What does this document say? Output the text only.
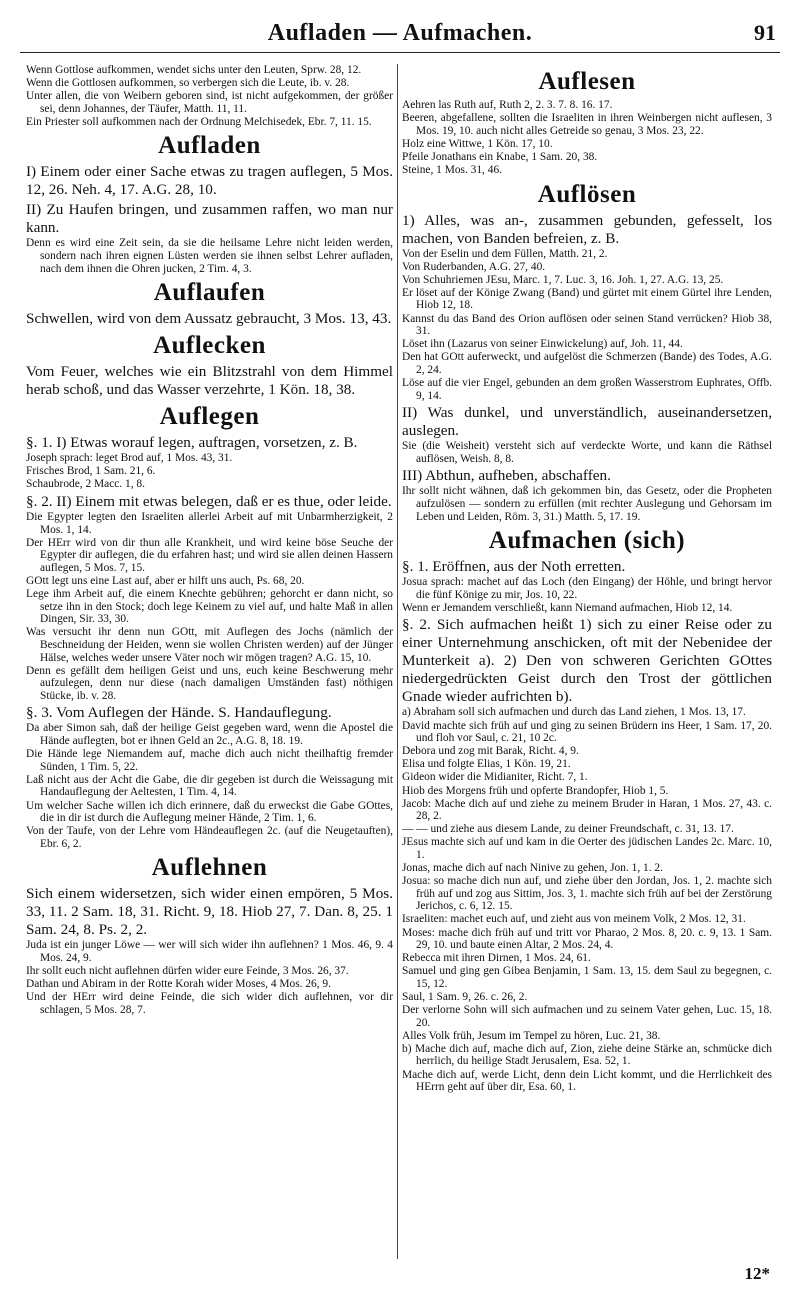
Aufladen — Aufmachen.	91

Wenn Gottlose aufkommen, wendet sichs unter den Leuten, Sprw. 28, 12.

Wenn die Gottlosen aufkommen, so verbergen sich die Leute, ib. v. 28.

Unter allen, die von Weibern geboren sind, ist nicht aufgekommen, der größer sei, denn Johannes, der Täufer, Matth. 11, 11.

Ein Priester soll aufkommen nach der Ordnung Melchisedek, Ebr. 7, 11. 15.

Aufladen

I) Einem oder einer Sache etwas zu tragen auflegen, 5 Mos. 12, 26. Neh. 4, 17. A.G. 28, 10.

II) Zu Haufen bringen, und zusammen raffen, wo man nur kann.

Denn es wird eine Zeit sein, da sie die heilsame Lehre nicht leiden werden, sondern nach ihren eignen Lüsten werden sie ihnen selbst Lehrer aufladen, nach dem ihnen die Ohren jucken, 2 Tim. 4, 3.

Auflaufen

Schwellen, wird von dem Aussatz gebraucht, 3 Mos. 13, 43.

Auflecken

Vom Feuer, welches wie ein Blitzstrahl von dem Himmel herab schoß, und das Wasser verzehrte, 1 Kön. 18, 38.

Auflegen

§. 1. I) Etwas worauf legen, auftragen, vorsetzen, z. B.

Joseph sprach: leget Brod auf, 1 Mos. 43, 31.

Frisches Brod, 1 Sam. 21, 6.

Schaubrode, 2 Macc. 1, 8.

§. 2. II) Einem mit etwas belegen, daß er es thue, oder leide.

Die Egypter legten den Israeliten allerlei Arbeit auf mit Unbarmherzigkeit, 2 Mos. 1, 14.

Der HErr wird von dir thun alle Krankheit, und wird keine böse Seuche der Egypter dir auflegen, die du erfahren hast; und wird sie allen deinen Hassern auflegen, 5 Mos. 7, 15.

GOtt legt uns eine Last auf, aber er hilft uns auch, Ps. 68, 20.

Lege ihm Arbeit auf, die einem Knechte gebühren; gehorcht er dann nicht, so setze ihn in den Stock; doch lege Keinem zu viel auf, und halte Maß in allen Dingen, Sir. 33, 30.

Was versucht ihr denn nun GOtt, mit Auflegen des Jochs (nämlich der Beschneidung der Heiden, wenn sie wollen Christen werden) auf der Jünger Hälse, welches weder unsere Väter noch wir mögen tragen? A.G. 15, 10.

Denn es gefällt dem heiligen Geist und uns, euch keine Beschwerung mehr aufzulegen, denn nur diese (nach damaligen Umständen fast) nöthigen Stücke, ib. v. 28.

§. 3. Vom Auflegen der Hände. S. Handauflegung.

Da aber Simon sah, daß der heilige Geist gegeben ward, wenn die Apostel die Hände auflegten, bot er ihnen Geld an 2c., A.G. 8, 18. 19.

Die Hände lege Niemandem auf, mache dich auch nicht theilhaftig fremder Sünden, 1 Tim. 5, 22.

Laß nicht aus der Acht die Gabe, die dir gegeben ist durch die Weissagung mit Handauflegung der Aeltesten, 1 Tim. 4, 14.

Um welcher Sache willen ich dich erinnere, daß du erweckst die Gabe GOttes, die in dir ist durch die Auflegung meiner Hände, 2 Tim. 1, 6.

Von der Taufe, von der Lehre vom Händeauflegen 2c. (auf die Neugetauften), Ebr. 6, 2.

Auflehnen

Sich einem widersetzen, sich wider einen empören, 5 Mos. 33, 11. 2 Sam. 18, 31. Richt. 9, 18. Hiob 27, 7. Dan. 8, 25. 1 Sam. 24, 8. Ps. 2, 2.

Juda ist ein junger Löwe — wer will sich wider ihn auflehnen? 1 Mos. 46, 9. 4 Mos. 24, 9.

Ihr sollt euch nicht auflehnen dürfen wider eure Feinde, 3 Mos. 26, 37.

Dathan und Abiram in der Rotte Korah wider Moses, 4 Mos. 26, 9.

Und der HErr wird deine Feinde, die sich wider dich auflehnen, vor dir schlagen, 5 Mos. 28, 7.

Auflesen

Aehren las Ruth auf, Ruth 2, 2. 3. 7. 8. 16. 17.

Beeren, abgefallene, sollten die Israeliten in ihren Weinbergen nicht auflesen, 3 Mos. 19, 10. auch nicht alles Getreide so genau, 3 Mos. 23, 22.

Holz eine Wittwe, 1 Kön. 17, 10.

Pfeile Jonathans ein Knabe, 1 Sam. 20, 38.

Steine, 1 Mos. 31, 46.

Auflösen

1) Alles, was an-, zusammen gebunden, gefesselt, los machen, von Banden befreien, z. B.

Von der Eselin und dem Füllen, Matth. 21, 2.

Von Ruderbanden, A.G. 27, 40.

Von Schuhriemen JEsu, Marc. 1, 7. Luc. 3, 16. Joh. 1, 27. A.G. 13, 25.

Er löset auf der Könige Zwang (Band) und gürtet mit einem Gürtel ihre Lenden, Hiob 12, 18.

Kannst du das Band des Orion auflösen oder seinen Stand verrücken? Hiob 38, 31.

Löset ihn (Lazarus von seiner Einwickelung) auf, Joh. 11, 44.

Den hat GOtt auferweckt, und aufgelöst die Schmerzen (Bande) des Todes, A.G. 2, 24.

Löse auf die vier Engel, gebunden an dem großen Wasserstrom Euphrates, Offb. 9, 14.

II) Was dunkel, und unverständlich, auseinandersetzen, auslegen.

Sie (die Weisheit) versteht sich auf verdeckte Worte, und kann die Räthsel auflösen, Weish. 8, 8.

III) Abthun, aufheben, abschaffen.

Ihr sollt nicht wähnen, daß ich gekommen bin, das Gesetz, oder die Propheten aufzulösen — sondern zu erfüllen (mit rechter Auslegung und Gehorsam im Leben und Leiden, Röm. 3, 31.) Matth. 5, 17. 19.

Aufmachen (sich)

§. 1. Eröffnen, aus der Noth erretten.

Josua sprach: machet auf das Loch (den Eingang) der Höhle, und bringt hervor die fünf Könige zu mir, Jos. 10, 22.

Wenn er Jemandem verschließt, kann Niemand aufmachen, Hiob 12, 14.

§. 2. Sich aufmachen heißt 1) sich zu einer Reise oder zu einer Unternehmung anschicken, oft mit der Nebenidee der Munterkeit a). 2) Den von schweren Gerichten GOttes niedergedrückten Geist durch den Trost der göttlichen Gnade wieder aufrichten b).

a) Abraham soll sich aufmachen und durch das Land ziehen, 1 Mos. 13, 17.

David machte sich früh auf und ging zu seinen Brüdern ins Heer, 1 Sam. 17, 20. und floh vor Saul, c. 21, 10 2c.

Debora und zog mit Barak, Richt. 4, 9.

Elisa und folgte Elias, 1 Kön. 19, 21.

Gideon wider die Midianiter, Richt. 7, 1.

Hiob des Morgens früh und opferte Brandopfer, Hiob 1, 5.

Jacob: Mache dich auf und ziehe zu meinem Bruder in Haran, 1 Mos. 27, 43. c. 28, 2.

— — und ziehe aus diesem Lande, zu deiner Freundschaft, c. 31, 13. 17.

JEsus machte sich auf und kam in die Oerter des jüdischen Landes 2c. Marc. 10, 1.

Jonas, mache dich auf nach Ninive zu gehen, Jon. 1, 1. 2.

Josua: so mache dich nun auf, und ziehe über den Jordan, Jos. 1, 2. machte sich früh auf und zog aus Sittim, Jos. 3, 1. machte sich früh auf bei der Zerstörung Jerichos, c. 6, 12. 15.

Israeliten: machet euch auf, und zieht aus von meinem Volk, 2 Mos. 12, 31.

Moses: mache dich früh auf und tritt vor Pharao, 2 Mos. 8, 20. c. 9, 13. 1 Sam. 29, 10. und baute einen Altar, 2 Mos. 24, 4.

Rebecca mit ihren Dirnen, 1 Mos. 24, 61.

Samuel und ging gen Gibea Benjamin, 1 Sam. 13, 15. dem Saul zu begegnen, c. 15, 12.

Saul, 1 Sam. 9, 26. c. 26, 2.

Der verlorne Sohn will sich aufmachen und zu seinem Vater gehen, Luc. 15, 18. 20.

Alles Volk früh, Jesum im Tempel zu hören, Luc. 21, 38.

b) Mache dich auf, mache dich auf, Zion, ziehe deine Stärke an, schmücke dich herrlich, du heilige Stadt Jerusalem, Esa. 52, 1.

Mache dich auf, werde Licht, denn dein Licht kommt, und die Herrlichkeit des HErrn geht auf über dir, Esa. 60, 1.

12*
